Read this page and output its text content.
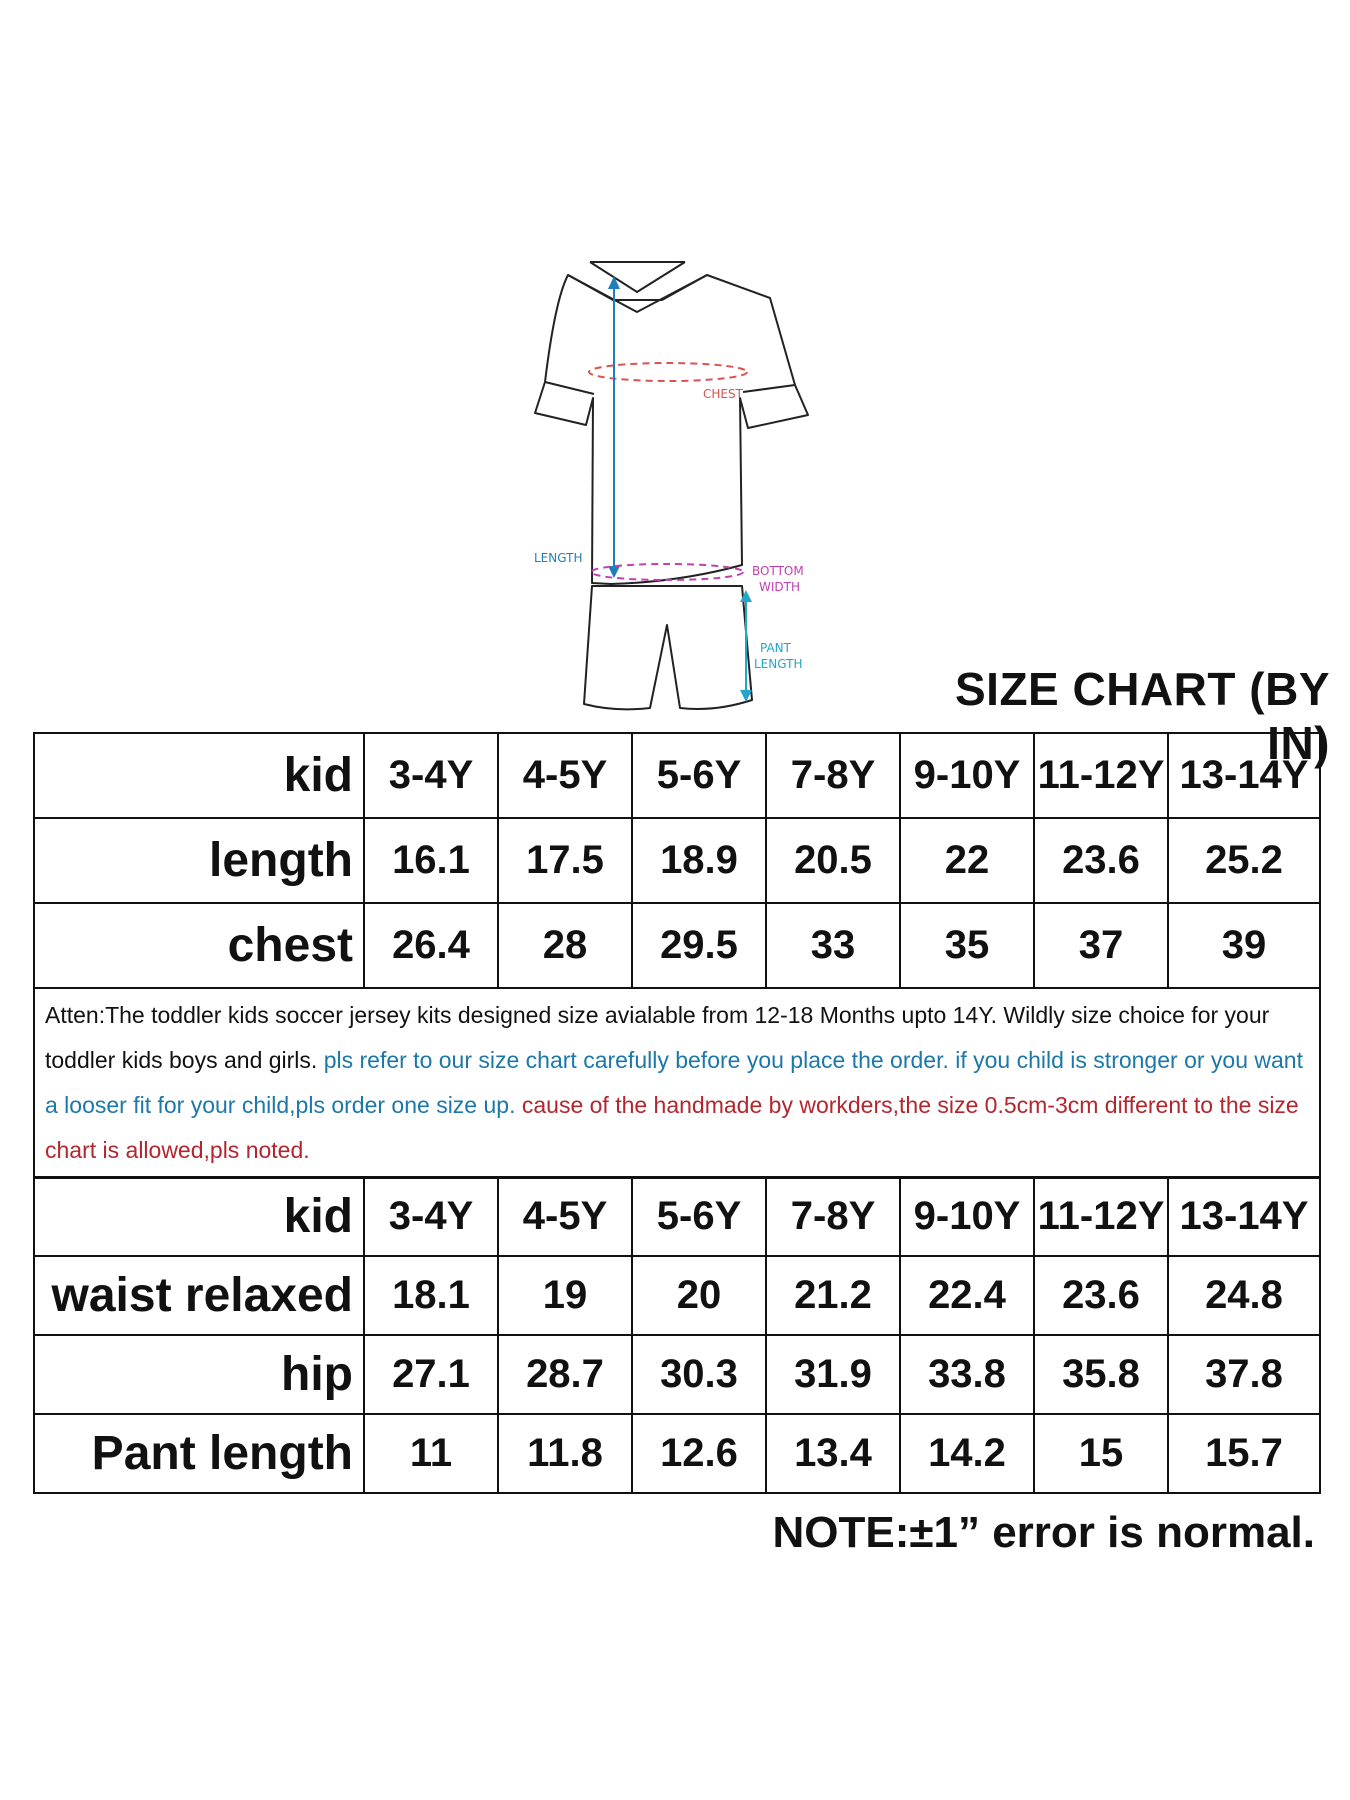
CHEST
LENGTH
BOTTOM
WIDTH
PANT
LENGTH	SIZE CHART (BY IN)
kid	3-4Y	4-5Y	5-6Y	7-8Y	9-10Y	11-12Y	13-14Y
length	16.1	17.5	18.9	20.5	22	23.6	25.2
chest	26.4	28	29.5	33	35	37	39
Atten:The toddler kids soccer jersey kits designed size avialable from 12-18 Months upto 14Y. Wildly size choice for your toddler kids boys and girls. pls refer to our size chart carefully before you place the order. if you child is stronger or you want a looser fit for your child,pls order one size up. cause of the handmade by workders,the size 0.5cm-3cm different to the size chart is allowed,pls noted.							
kid	3-4Y	4-5Y	5-6Y	7-8Y	9-10Y	11-12Y	13-14Y
waist relaxed	18.1	19	20	21.2	22.4	23.6	24.8
hip	27.1	28.7	30.3	31.9	33.8	35.8	37.8
Pant length	11	11.8	12.6	13.4	14.2	15	15.7
NOTE:±1” error is normal.
